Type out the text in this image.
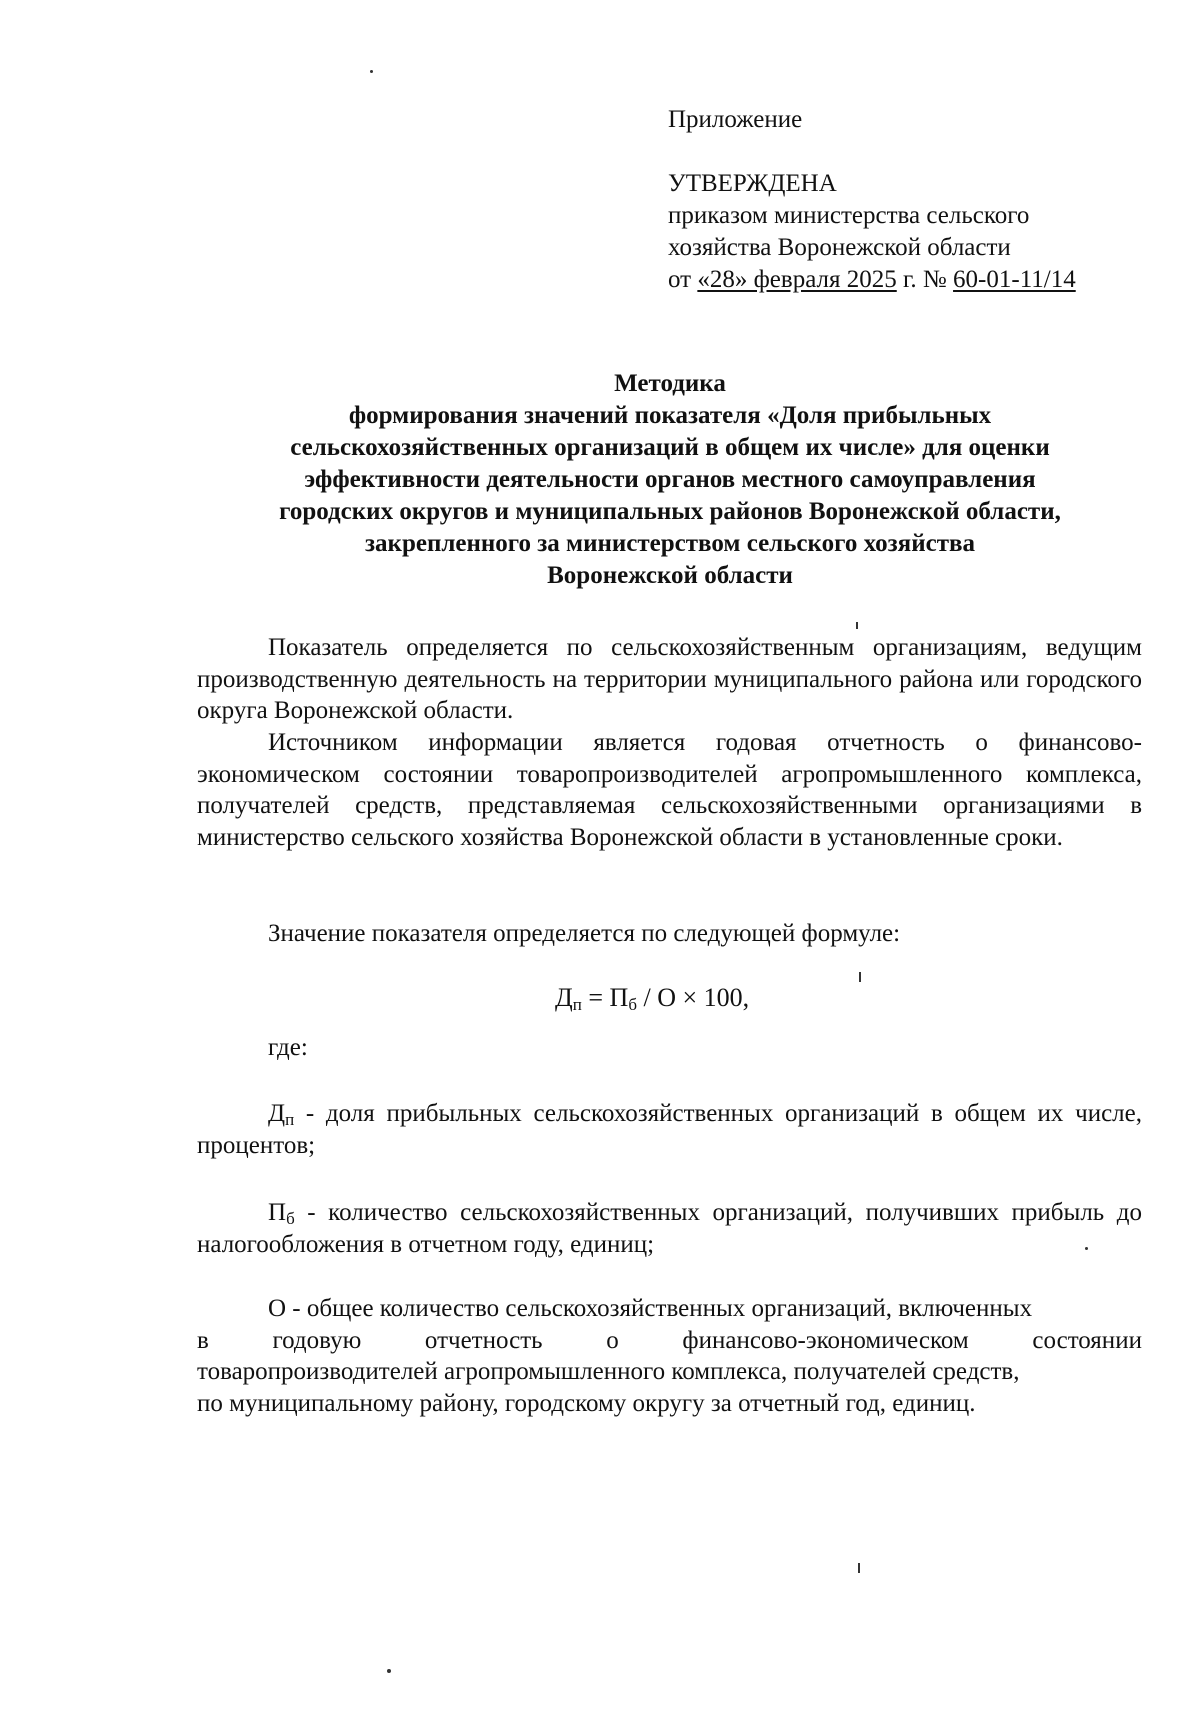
Приложение
УТВЕРЖДЕНА
приказом министерства сельского
хозяйства Воронежской области
от «28» февраля 2025 г. № 60-01-11/14
Методика
формирования значений показателя «Доля прибыльных
сельскохозяйственных организаций в общем их числе» для оценки
эффективности деятельности органов местного самоуправления
городских округов и муниципальных районов Воронежской области,
закрепленного за министерством сельского хозяйства
Воронежской области
Показатель определяется по сельскохозяйственным организациям, ведущим производственную деятельность на территории муниципального района или городского округа Воронежской области.
Источником информации является годовая отчетность о финансово-экономическом состоянии товаропроизводителей агропромышленного комплекса, получателей средств, представляемая сельскохозяйственными организациями в министерство сельского хозяйства Воронежской области в установленные сроки.
Значение показателя определяется по следующей формуле:
$Д_п = П_б / О \times 100$,
где:
$Д_п$ - доля прибыльных сельскохозяйственных организаций в общем их числе, процентов;
$П_б$ - количество сельскохозяйственных организаций, получивших прибыль до налогообложения в отчетном году, единиц;
О - общее количество сельскохозяйственных организаций, включенных
в	годовую	отчетность	о	финансово-экономическом	состоянии
товаропроизводителей агропромышленного комплекса, получателей средств,
по муниципальному району, городскому округу за отчетный год, единиц.
